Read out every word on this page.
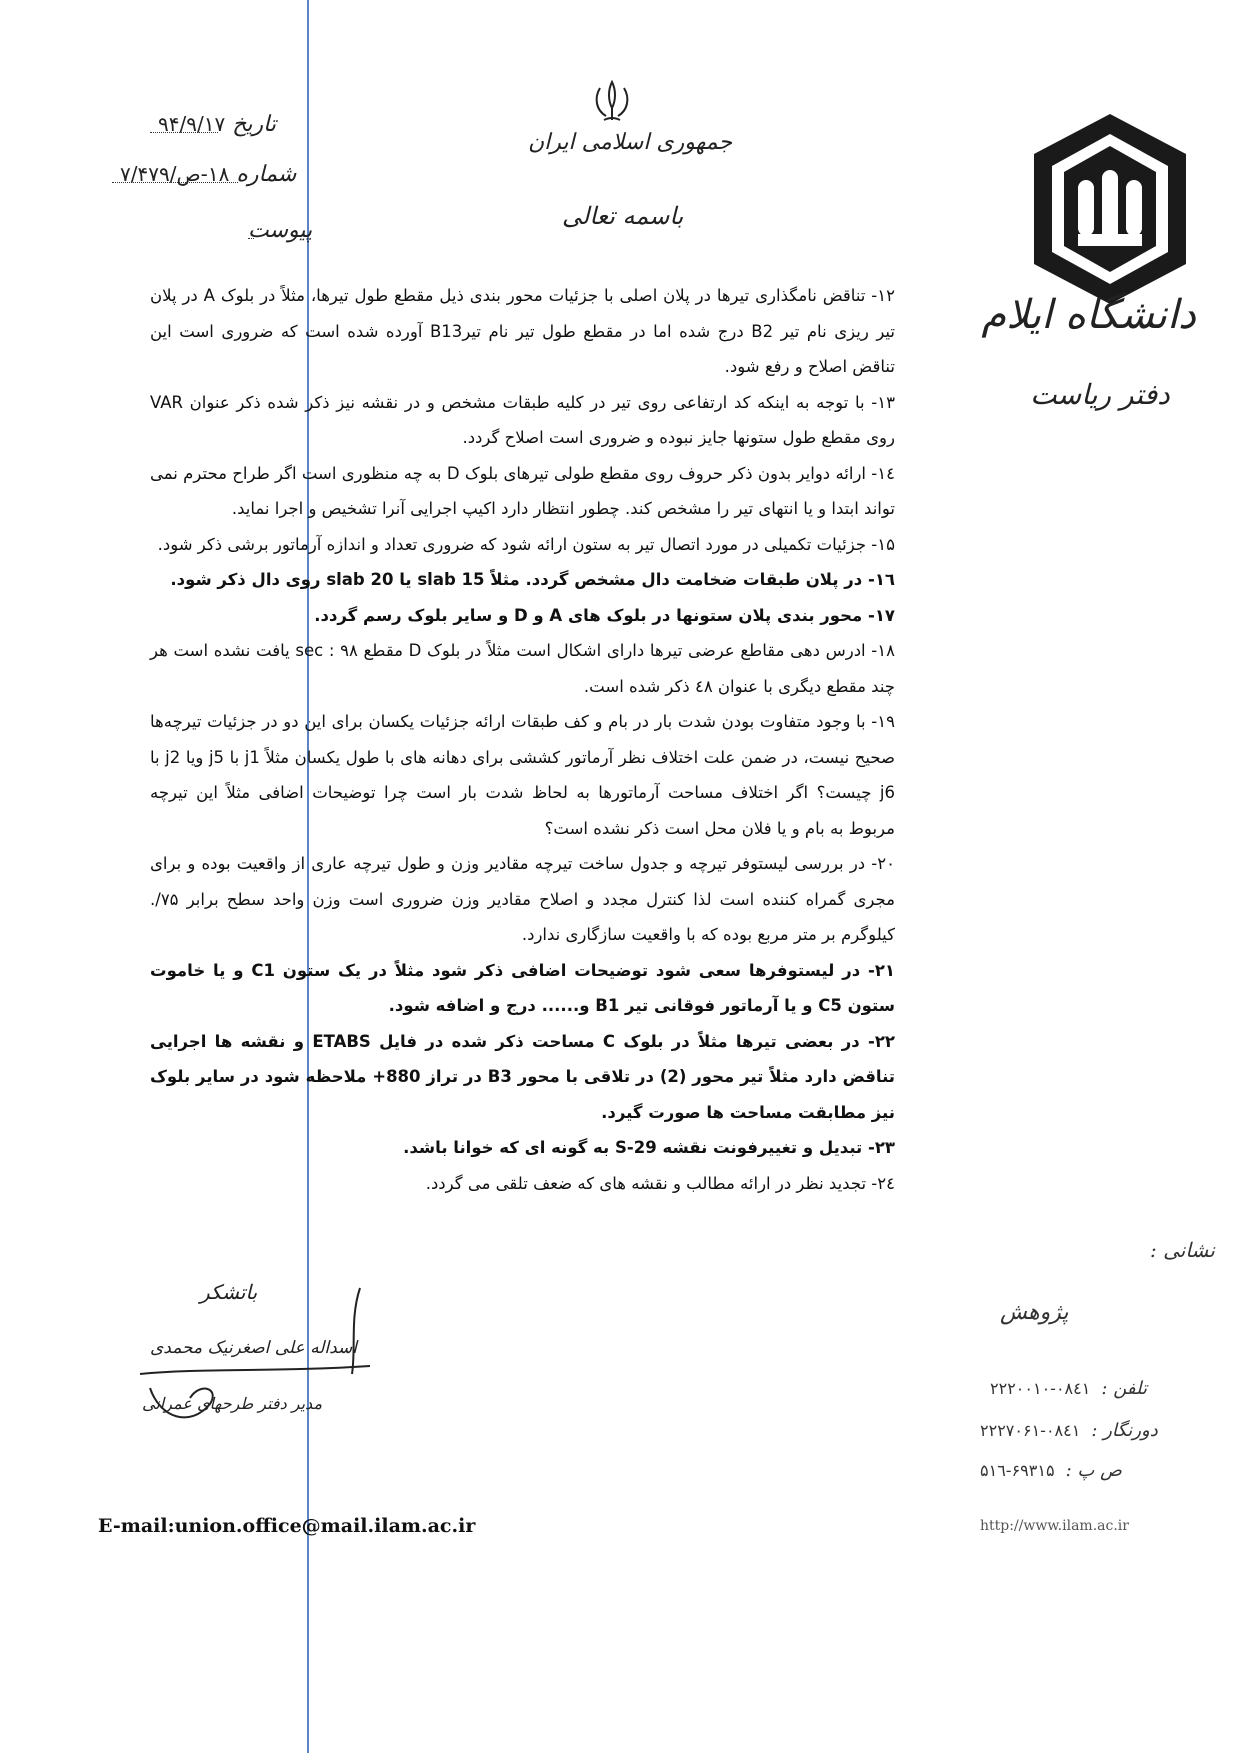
جمهوری اسلامی ایران
باسمه تعالی
تاریخ ۹۴/۹/۱۷
شماره ۱۸-ص/۷/۴۷۹
پیوست
دانشگاه ایلام
دفتر ریاست
۱۲- تناقض نامگذاری تیرها در پلان اصلی با جزئیات محور بندی ذیل مقطع طول تیرها، مثلاً در بلوک A در پلان تیر ریزی نام تیر B2 درج شده اما در مقطع طول تیر نام تیرB13 آورده شده است که ضروری است این تناقض اصلاح و رفع شود.
۱۳- با توجه به اینکه کد ارتفاعی روی تیر در کلیه طبقات مشخص و در نقشه نیز ذکر شده ذکر عنوان VAR روی مقطع طول ستونها جایز نبوده و ضروری است اصلاح گردد.
۱٤- ارائه دوایر بدون ذکر حروف روی مقطع طولی تیرهای بلوک D به چه منظوری است اگر طراح محترم نمی تواند ابتدا و یا انتهای تیر را مشخص کند. چطور انتظار دارد اکیپ اجرایی آنرا تشخیص و اجرا نماید.
۱۵- جزئیات تکمیلی در مورد اتصال تیر به ستون ارائه شود که ضروری تعداد و اندازه آرماتور برشی ذکر شود.
۱٦- در پلان طبقات ضخامت دال مشخص گردد. مثلاً slab 15 یا slab 20 روی دال ذکر شود.
۱۷- محور بندی پلان ستونها در بلوک های A و D و سایر بلوک رسم گردد.
۱۸- ادرس دهی مقاطع عرضی تیرها دارای اشکال است مثلاً در بلوک D مقطع ۹۸ : sec یافت نشده است هر چند مقطع دیگری با عنوان ٤۸ ذکر شده است.
۱۹- با وجود متفاوت بودن شدت بار در بام و کف طبقات ارائه جزئیات یکسان برای این دو در جزئیات تیرچه‌ها صحیح نیست، در ضمن علت اختلاف نظر آرماتور کششی برای دهانه های با طول یکسان مثلاً j1 با j5 ویا j2 با j6 چیست؟ اگر اختلاف مساحت آرماتورها به لحاظ شدت بار است چرا توضیحات اضافی مثلاً این تیرچه مربوط به بام و یا فلان محل است ذکر نشده است؟
۲۰- در بررسی لیستوفر تیرچه و جدول ساخت تیرچه مقادیر وزن و طول تیرچه عاری از واقعیت بوده و برای مجری گمراه کننده است لذا کنترل مجدد و اصلاح مقادیر وزن ضروری است وزن واحد سطح برابر ۷۵/. کیلوگرم بر متر مربع بوده که با واقعیت سازگاری ندارد.
۲۱- در لیستوفرها سعی شود توضیحات اضافی ذکر شود مثلاً در یک ستون C1 و یا خاموت ستون C5 و یا آرماتور فوقانی تیر B1 و...... درج و اضافه شود.
۲۲- در بعضی تیرها مثلاً در بلوک C مساحت ذکر شده در فایل ETABS و نقشه ها اجرایی تناقض دارد مثلاً تیر محور (2) در تلاقی با محور B3 در تراز 880+ ملاحظه شود در سایر بلوک نیز مطابقت مساحت ها صورت گیرد.
۲۳- تبدیل و تغییرفونت نقشه S-29 به گونه ای که خوانا باشد.
۲٤- تجدید نظر در ارائه مطالب و نقشه های که ضعف تلقی می گردد.
باتشکر
اسداله علی اصغرنیک محمدی
مدیر دفتر طرحهای عمرانی
نشانی :
پژوهش
تلفن : ۰۸٤۱-۲۲۲۰۰۱۰
دورنگار : ۰۸٤۱-۲۲۲۷۰۶۱
ص پ : ۶۹۳۱۵-۵۱٦
http://www.ilam.ac.ir
E-mail:union.office@mail.ilam.ac.ir
